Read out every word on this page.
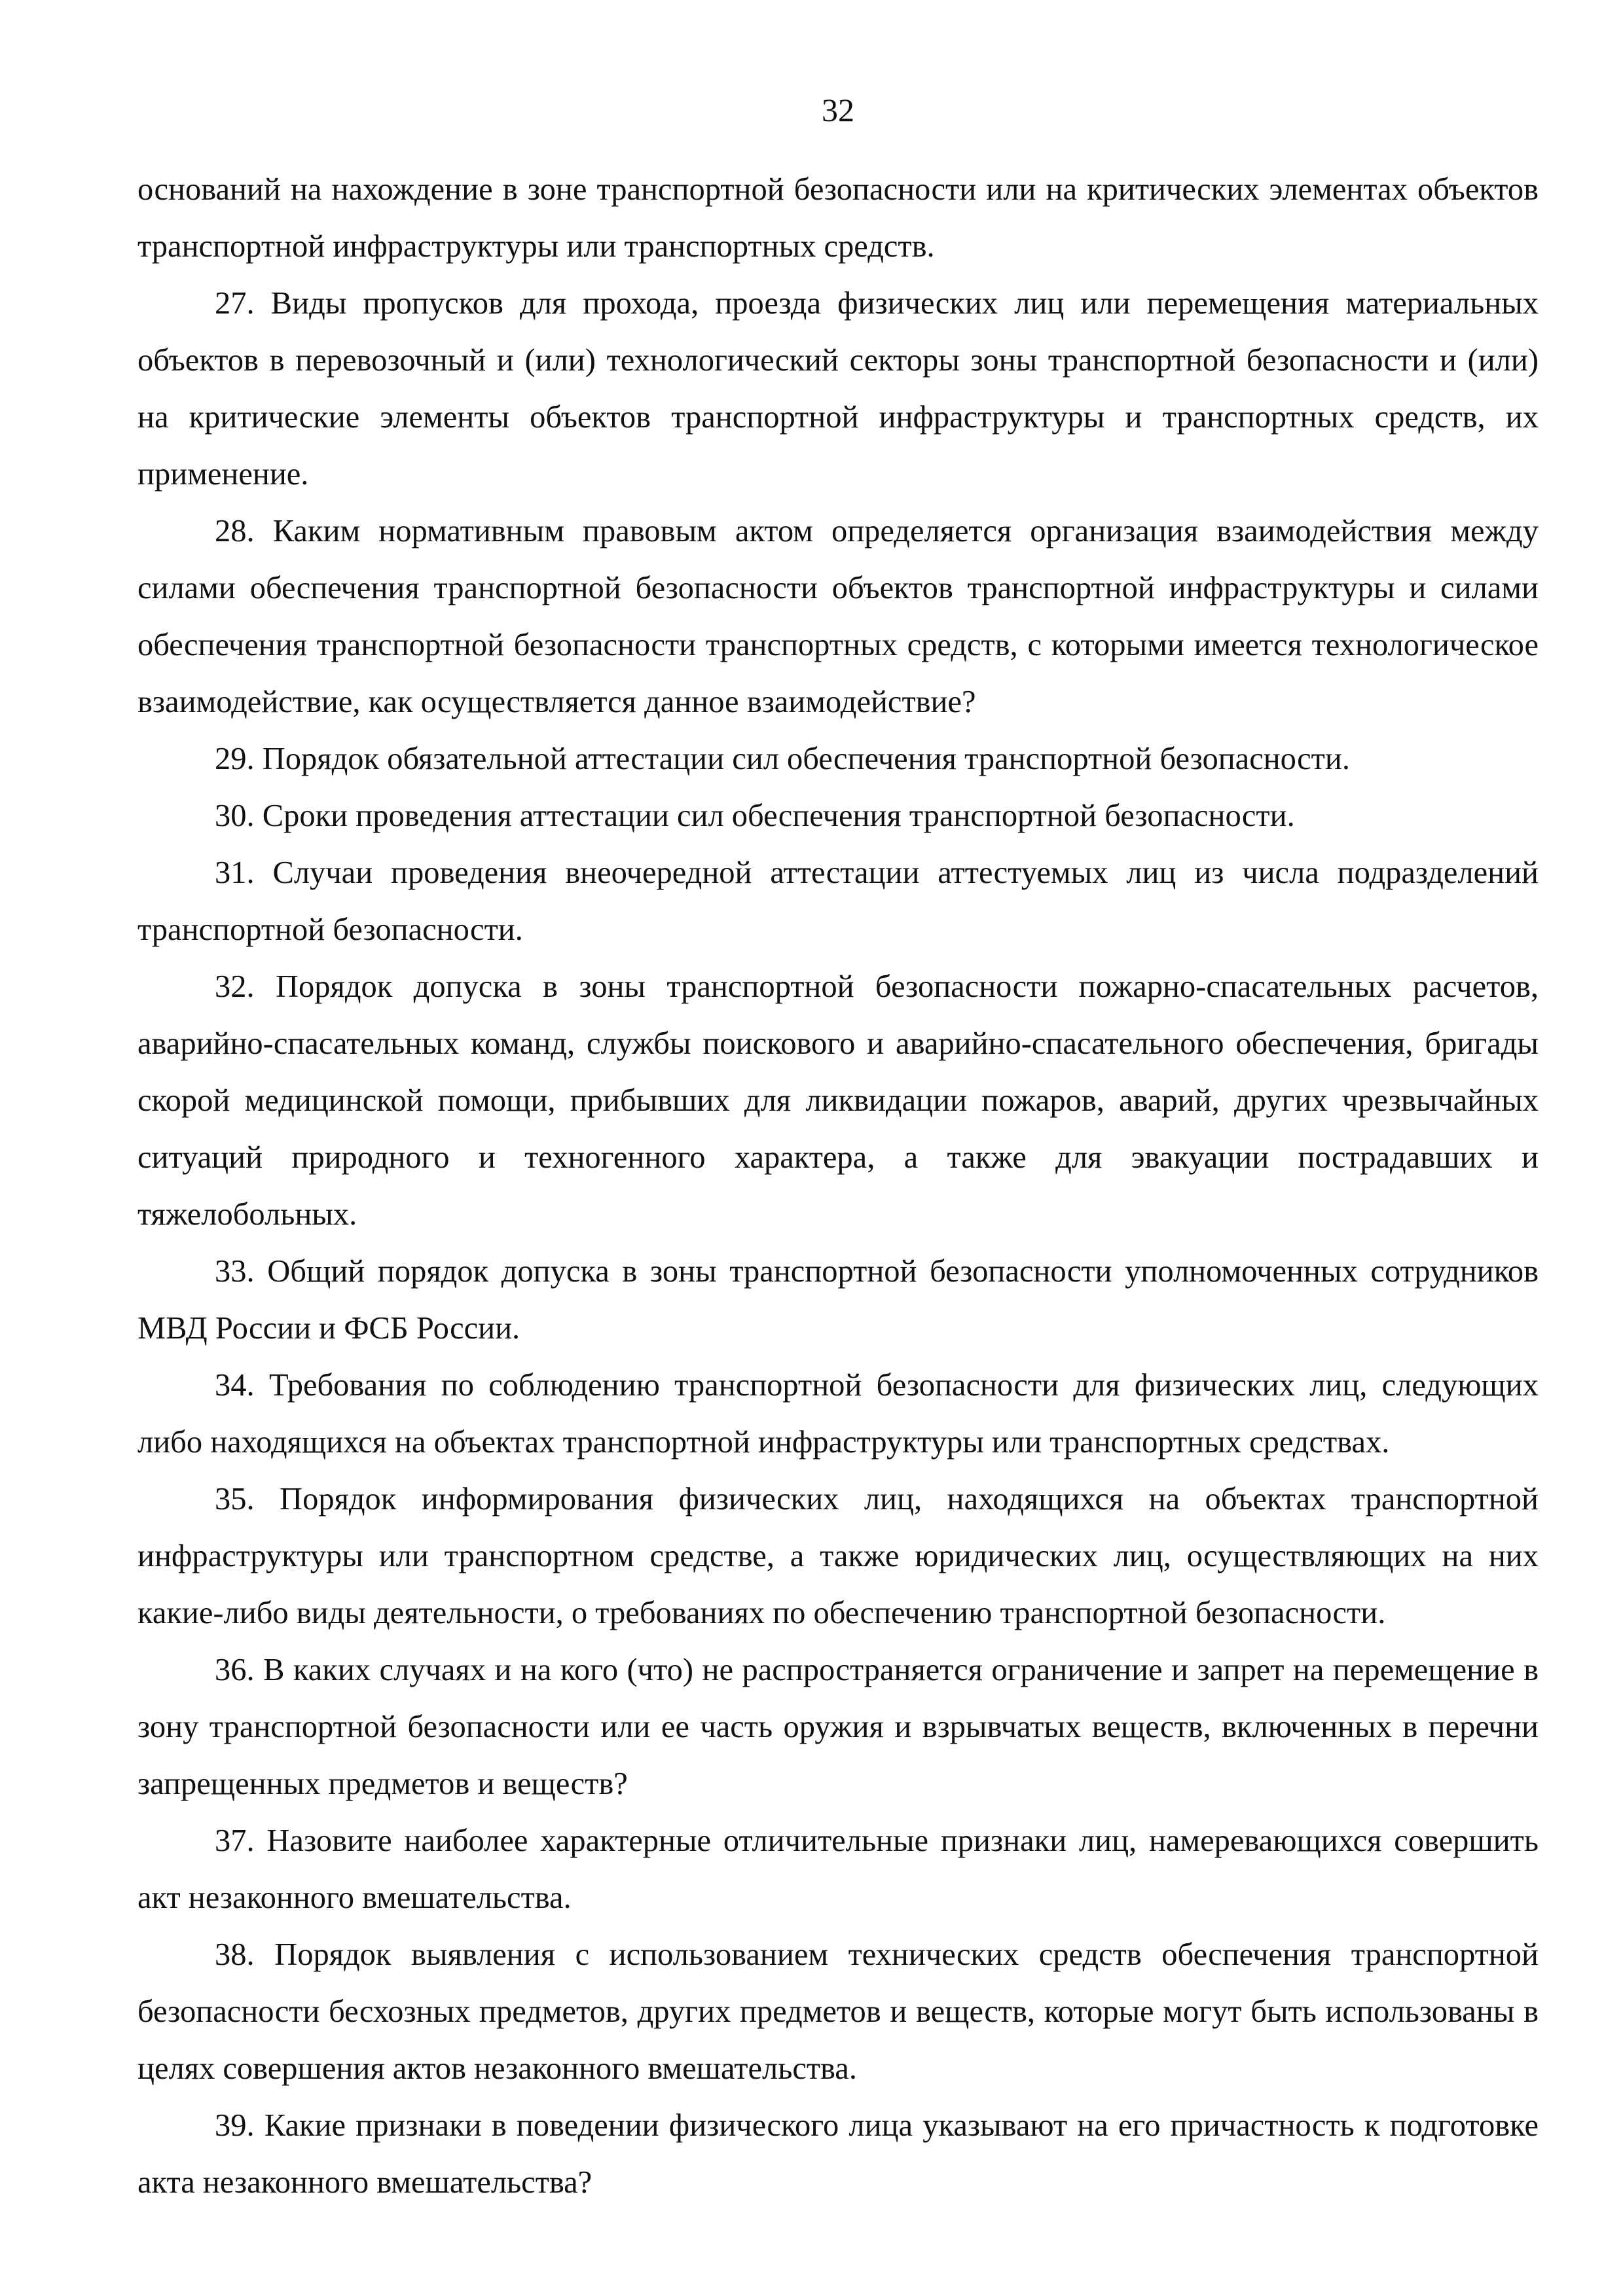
32

оснований на нахождение в зоне транспортной безопасности или на критических элементах объектов транспортной инфраструктуры или транспортных средств.

27. Виды пропусков для прохода, проезда физических лиц или перемещения материальных объектов в перевозочный и (или) технологический секторы зоны транспортной безопасности и (или) на критические элементы объектов транспортной инфраструктуры и транспортных средств, их применение.

28. Каким нормативным правовым актом определяется организация взаимодействия между силами обеспечения транспортной безопасности объектов транспортной инфраструктуры и силами обеспечения транспортной безопасности транспортных средств, с которыми имеется технологическое взаимодействие, как осуществляется данное взаимодействие?

29. Порядок обязательной аттестации сил обеспечения транспортной безопасности.

30. Сроки проведения аттестации сил обеспечения транспортной безопасности.

31. Случаи проведения внеочередной аттестации аттестуемых лиц из числа подразделений транспортной безопасности.

32. Порядок допуска в зоны транспортной безопасности пожарно-спасательных расчетов, аварийно-спасательных команд, службы поискового и аварийно-спасательного обеспечения, бригады скорой медицинской помощи, прибывших для ликвидации пожаров, аварий, других чрезвычайных ситуаций природного и техногенного характера, а также для эвакуации пострадавших и тяжелобольных.

33. Общий порядок допуска в зоны транспортной безопасности уполномоченных сотрудников МВД России и ФСБ России.

34. Требования по соблюдению транспортной безопасности для физических лиц, следующих либо находящихся на объектах транспортной инфраструктуры или транспортных средствах.

35. Порядок информирования физических лиц, находящихся на объектах транспортной инфраструктуры или транспортном средстве, а также юридических лиц, осуществляющих на них какие-либо виды деятельности, о требованиях по обеспечению транспортной безопасности.

36. В каких случаях и на кого (что) не распространяется ограничение и запрет на перемещение в зону транспортной безопасности или ее часть оружия и взрывчатых веществ, включенных в перечни запрещенных предметов и веществ?

37. Назовите наиболее характерные отличительные признаки лиц, намеревающихся совершить акт незаконного вмешательства.

38. Порядок выявления с использованием технических средств обеспечения транспортной безопасности бесхозных предметов, других предметов и веществ, которые могут быть использованы в целях совершения актов незаконного вмешательства.

39. Какие признаки в поведении физического лица указывают на его причастность к подготовке акта незаконного вмешательства?
